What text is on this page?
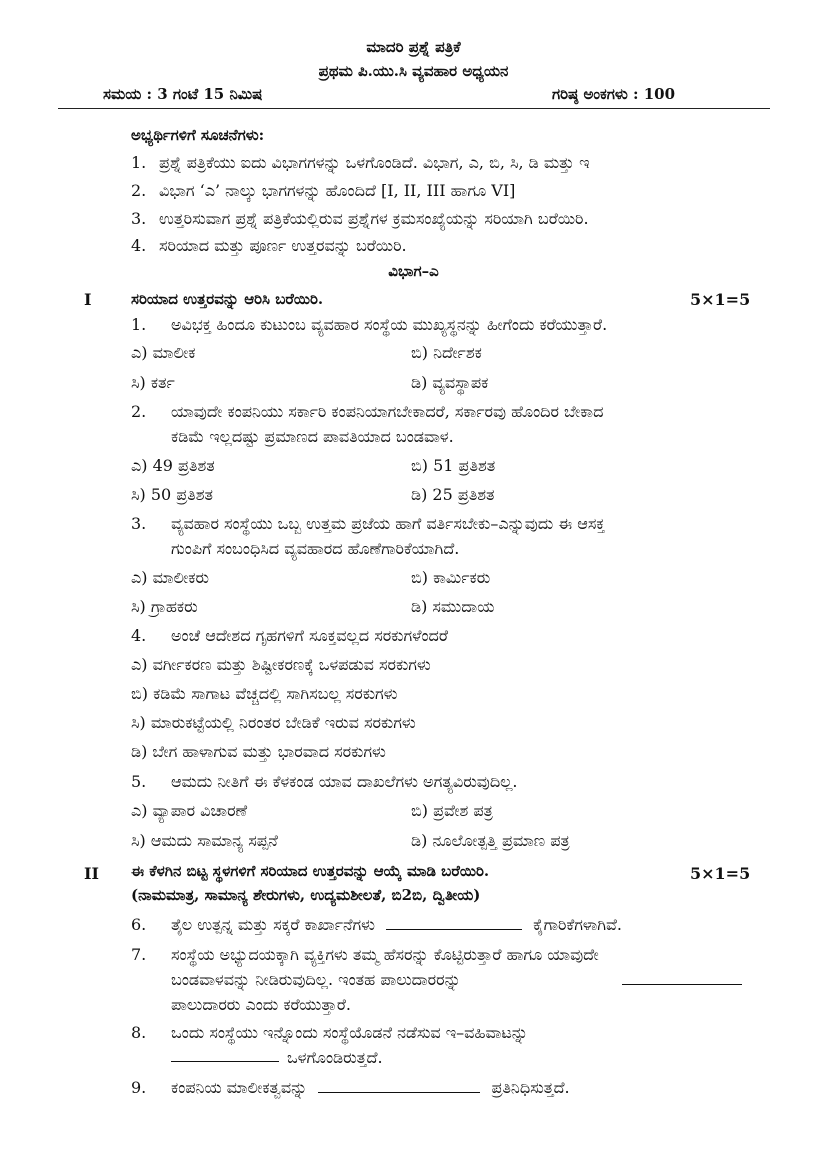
ಮಾದರಿ ಪ್ರಶ್ನೆ ಪತ್ರಿಕೆ
ಪ್ರಥಮ ಪಿ.ಯು.ಸಿ ವ್ಯವಹಾರ ಅಧ್ಯಯನ
ಸಮಯ : 3 ಗಂಟೆ 15 ನಿಮಿಷ	ಗರಿಷ್ಠ ಅಂಕಗಳು : 100
ಅಭ್ಯರ್ಥಿಗಳಿಗೆ ಸೂಚನೆಗಳು:
1. ಪ್ರಶ್ನೆ ಪತ್ರಿಕೆಯು ಐದು ವಿಭಾಗಗಳನ್ನು ಒಳಗೊಂಡಿದೆ. ವಿಭಾಗ, ಎ, ಬಿ, ಸಿ, ಡಿ ಮತ್ತು ಇ
2. ವಿಭಾಗ ‘ಎ’ ನಾಲ್ಕು ಭಾಗಗಳನ್ನು ಹೊಂದಿದೆ [I, II, III ಹಾಗೂ VI]
3. ಉತ್ತರಿಸುವಾಗ ಪ್ರಶ್ನೆ ಪತ್ರಿಕೆಯಲ್ಲಿರುವ ಪ್ರಶ್ನೆಗಳ ಕ್ರಮಸಂಖ್ಯೆಯನ್ನು ಸರಿಯಾಗಿ ಬರೆಯಿರಿ.
4. ಸರಿಯಾದ ಮತ್ತು ಪೂರ್ಣ ಉತ್ತರವನ್ನು ಬರೆಯಿರಿ.
ವಿಭಾಗ–ಎ
I	ಸರಿಯಾದ ಉತ್ತರವನ್ನು ಆರಿಸಿ ಬರೆಯಿರಿ.	5×1=5
1. ಅವಿಭಕ್ತ ಹಿಂದೂ ಕುಟುಂಬ ವ್ಯವಹಾರ ಸಂಸ್ಥೆಯ ಮುಖ್ಯಸ್ಥನನ್ನು ಹೀಗೆಂದು ಕರೆಯುತ್ತಾರೆ.
ಎ) ಮಾಲೀಕ	ಬಿ) ನಿರ್ದೇಶಕ
ಸಿ) ಕರ್ತ	ಡಿ) ವ್ಯವಸ್ಥಾಪಕ
2. ಯಾವುದೇ ಕಂಪನಿಯು ಸರ್ಕಾರಿ ಕಂಪನಿಯಾಗಬೇಕಾದರೆ, ಸರ್ಕಾರವು ಹೊಂದಿರ ಬೇಕಾದ
ಕಡಿಮೆ ಇಲ್ಲದಷ್ಟು ಪ್ರಮಾಣದ ಪಾವತಿಯಾದ ಬಂಡವಾಳ.
ಎ) 49 ಪ್ರತಿಶತ	ಬಿ) 51 ಪ್ರತಿಶತ
ಸಿ) 50 ಪ್ರತಿಶತ	ಡಿ) 25 ಪ್ರತಿಶತ
3. ವ್ಯವಹಾರ ಸಂಸ್ಥೆಯು ಒಬ್ಬ ಉತ್ತಮ ಪ್ರಜೆಯ ಹಾಗೆ ವರ್ತಿಸಬೇಕು–ಎನ್ನುವುದು ಈ ಆಸಕ್ತ
ಗುಂಪಿಗೆ ಸಂಬಂಧಿಸಿದ ವ್ಯವಹಾರದ ಹೊಣೆಗಾರಿಕೆಯಾಗಿದೆ.
ಎ) ಮಾಲೀಕರು	ಬಿ) ಕಾರ್ಮಿಕರು
ಸಿ) ಗ್ರಾಹಕರು	ಡಿ) ಸಮುದಾಯ
4. ಅಂಚೆ ಆದೇಶದ ಗೃಹಗಳಿಗೆ ಸೂಕ್ತವಲ್ಲದ ಸರಕುಗಳೆಂದರೆ
ಎ) ವರ್ಗೀಕರಣ ಮತ್ತು ಶಿಷ್ಟೀಕರಣಕ್ಕೆ ಒಳಪಡುವ ಸರಕುಗಳು
ಬಿ) ಕಡಿಮೆ ಸಾಗಾಟ ವೆಚ್ಚದಲ್ಲಿ ಸಾಗಿಸಬಲ್ಲ ಸರಕುಗಳು
ಸಿ) ಮಾರುಕಟ್ಟೆಯಲ್ಲಿ ನಿರಂತರ ಬೇಡಿಕೆ ಇರುವ ಸರಕುಗಳು
ಡಿ) ಬೇಗ ಹಾಳಾಗುವ ಮತ್ತು ಭಾರವಾದ ಸರಕುಗಳು
5. ಆಮದು ನೀತಿಗೆ ಈ ಕೆಳಕಂಡ ಯಾವ ದಾಖಲೆಗಳು ಅಗತ್ಯವಿರುವುದಿಲ್ಲ.
ಎ) ವ್ಯಾಪಾರ ವಿಚಾರಣೆ	ಬಿ) ಪ್ರವೇಶ ಪತ್ರ
ಸಿ) ಆಮದು ಸಾಮಾನ್ಯ ಸಪ್ಪನೆ	ಡಿ) ನೂಲೋತ್ಪತ್ತಿ ಪ್ರಮಾಣ ಪತ್ರ
II ಈ ಕೆಳಗಿನ ಬಿಟ್ಟ ಸ್ಥಳಗಳಿಗೆ ಸರಿಯಾದ ಉತ್ತರವನ್ನು ಆಯ್ಕೆ ಮಾಡಿ ಬರೆಯಿರಿ.	5×1=5
(ನಾಮಮಾತ್ರ, ಸಾಮಾನ್ಯ ಶೇರುಗಳು, ಉದ್ಯಮಶೀಲತೆ, ಬಿ2ಬಿ, ದ್ವಿತೀಯ)
6. ತೈಲ ಉತ್ಪನ್ನ ಮತ್ತು ಸಕ್ಕರೆ ಕಾರ್ಖಾನೆಗಳು	ಕೈಗಾರಿಕೆಗಳಾಗಿವೆ.
7. ಸಂಸ್ಥೆಯ ಅಭ್ಯುದಯಕ್ಕಾಗಿ ವ್ಯಕ್ತಿಗಳು ತಮ್ಮ ಹೆಸರನ್ನು ಕೊಟ್ಟಿರುತ್ತಾರೆ ಹಾಗೂ ಯಾವುದೇ
ಬಂಡವಾಳವನ್ನು ನೀಡಿರುವುದಿಲ್ಲ. ಇಂತಹ ಪಾಲುದಾರರನ್ನು
ಪಾಲುದಾರರು ಎಂದು ಕರೆಯುತ್ತಾರೆ.
8. ಒಂದು ಸಂಸ್ಥೆಯು ಇನ್ನೊಂದು ಸಂಸ್ಥೆಯೊಡನೆ ನಡೆಸುವ ಇ–ವಹಿವಾಟನ್ನು
ಒಳಗೊಂಡಿರುತ್ತದೆ.
9. ಕಂಪನಿಯ ಮಾಲೀಕತ್ವವನ್ನು	ಪ್ರತಿನಿಧಿಸುತ್ತದೆ.
